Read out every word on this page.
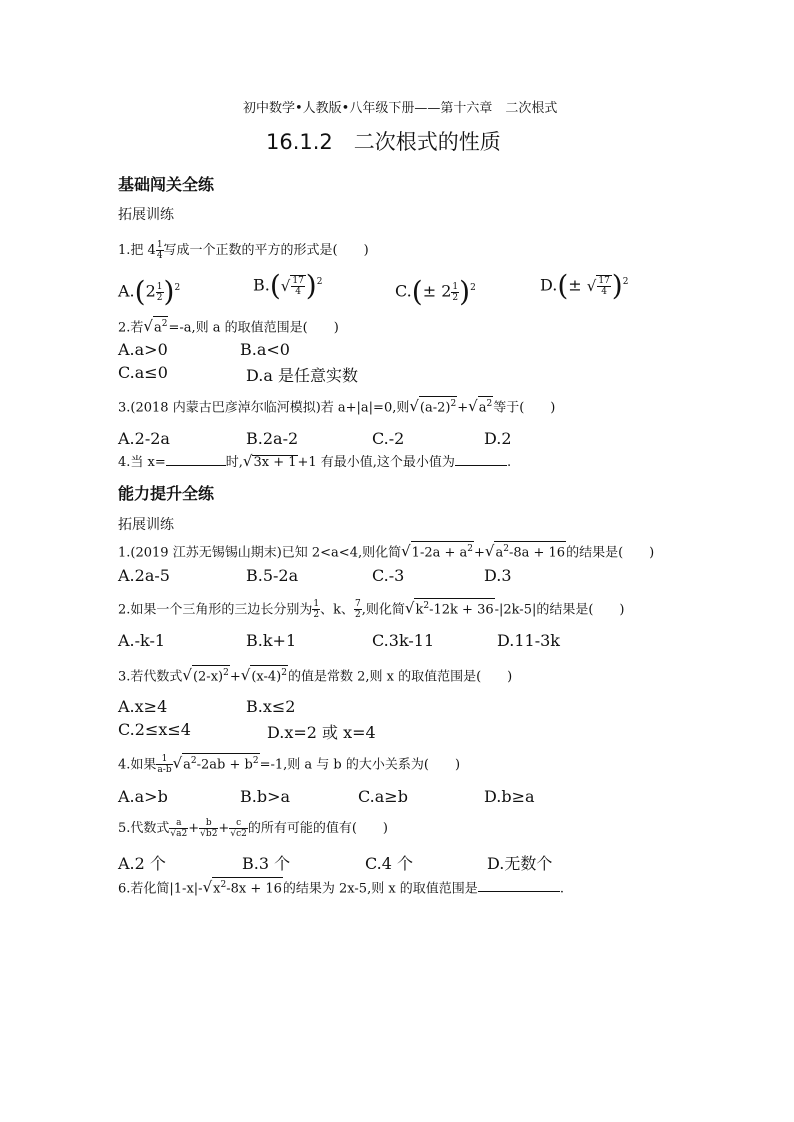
初中数学•人教版•八年级下册——第十六章　二次根式
16.1.2　二次根式的性质
基础闯关全练
拓展训练
1.把 $4 \frac{1}{4}$ 写成一个正数的平方的形式是(　　)
$A.(2 \frac{1}{2} )^2$	$B.(√ \frac{17}{4} )^2$	$C.(\pm 2 \frac{1}{2} )^2$	D.(± √ $\frac{17}{4} )^2$
2.若$√a^2=-a$,则 a 的取值范围是(　　)
A.a>0	B.a<0
C.a≤0	D.a 是任意实数
3.(2018 内蒙古巴彦淖尔临河模拟)若 a+|a|=0,则$√(a-2)^2+√a^2$等于(　　)
A.2-2a	B.2a-2	C.-2	D.2
4.当 x=	时,√3x + 1+1 有最小值,这个最小值为	.
能力提升全练
拓展训练
1.(2019 江苏无锡锡山期末)已知 2<a<4,则化简$√1-2a + a^2+√a^2-8a + 16$的结果是(　　)
A.2a-5	B.5-2a	C.-3	D.3
2.如果一个三角形的三边长分别为 $\frac{1}{2}$ 、k、 $\frac{7}{2}$ ,则化简$√k^2-12k + 36-|2k-5|$的结果是(　　)
A.-k-1	B.k+1	C.3k-11	D.11-3k
3.若代数式$√(2-x)^2+√(x-4)^2$的值是常数 2,则 x 的取值范围是(　　)
A.x≥4	B.x≤2
C.2≤x≤4	D.x=2 或 x=4
4.如果 $\frac{1}{a-b} √a^2-2ab + b^2=-1$,则 a 与 b 的大小关系为(　　)
A.a>b	B.b>a	C.a≥b	D.b≥a
5.代数式 $\frac{a}{√a2} + \frac{b}{√b2} + \frac{c}{√c2}$ 的所有可能的值有(　　)
A.2 个	B.3 个	C.4 个	D.无数个
6.若化简$|1-x|-√x^2-8x + 16$的结果为 2x-5,则 x 的取值范围是	.
